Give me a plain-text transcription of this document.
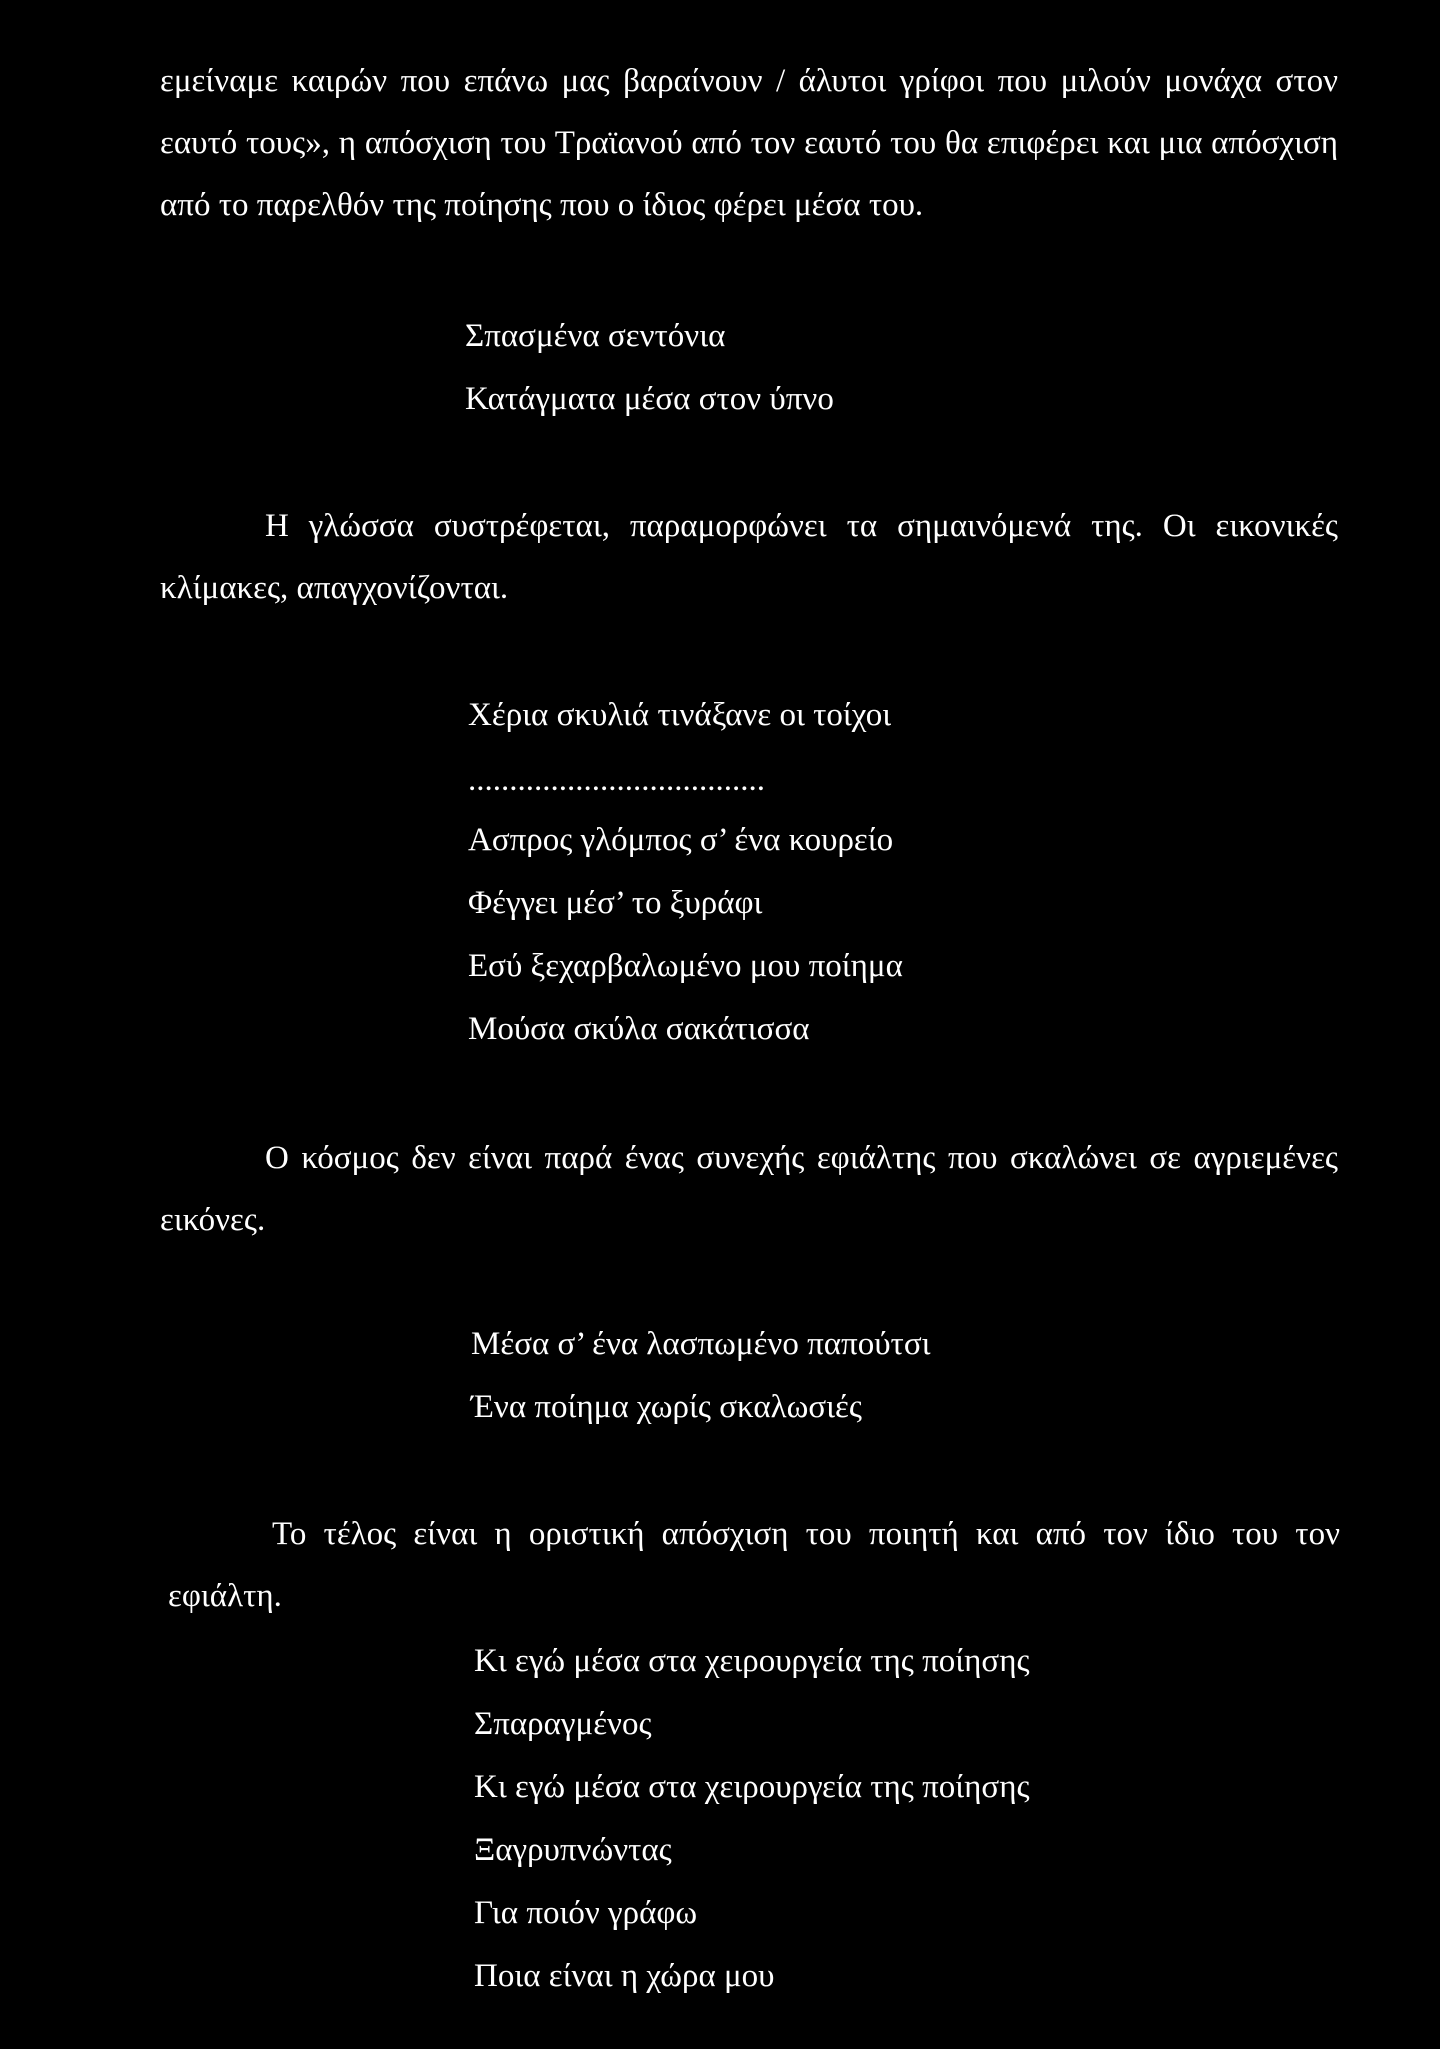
εμείναμε καιρών που επάνω μας βαραίνουν / άλυτοι γρίφοι που μιλούν μονάχα στον εαυτό τους», η απόσχιση του Τραϊανού από τον εαυτό του θα επιφέρει και μια απόσχιση από το παρελθόν της ποίησης που ο ίδιος φέρει μέσα του.

Σπασμένα σεντόνια

Κατάγματα μέσα στον ύπνο

Η γλώσσα συστρέφεται, παραμορφώνει τα σημαινόμενά της. Οι εικονικές κλίμακες, απαγχονίζονται.

Χέρια σκυλιά τινάξανε οι τοίχοι

....................................

Ασπρος γλόμπος σ’ ένα κουρείο

Φέγγει μέσ’ το ξυράφι

Εσύ ξεχαρβαλωμένο μου ποίημα

Μούσα σκύλα σακάτισσα

Ο κόσμος δεν είναι παρά ένας συνεχής εφιάλτης που σκαλώνει σε αγριεμένες εικόνες.

Μέσα σ’ ένα λασπωμένο παπούτσι

Ένα ποίημα χωρίς σκαλωσιές

Το τέλος είναι η οριστική απόσχιση του ποιητή και από τον ίδιο του τον εφιάλτη.

Κι εγώ μέσα στα χειρουργεία της ποίησης

Σπαραγμένος

Κι εγώ μέσα στα χειρουργεία της ποίησης

Ξαγρυπνώντας

Για ποιόν γράφω

Ποια είναι η χώρα μου
